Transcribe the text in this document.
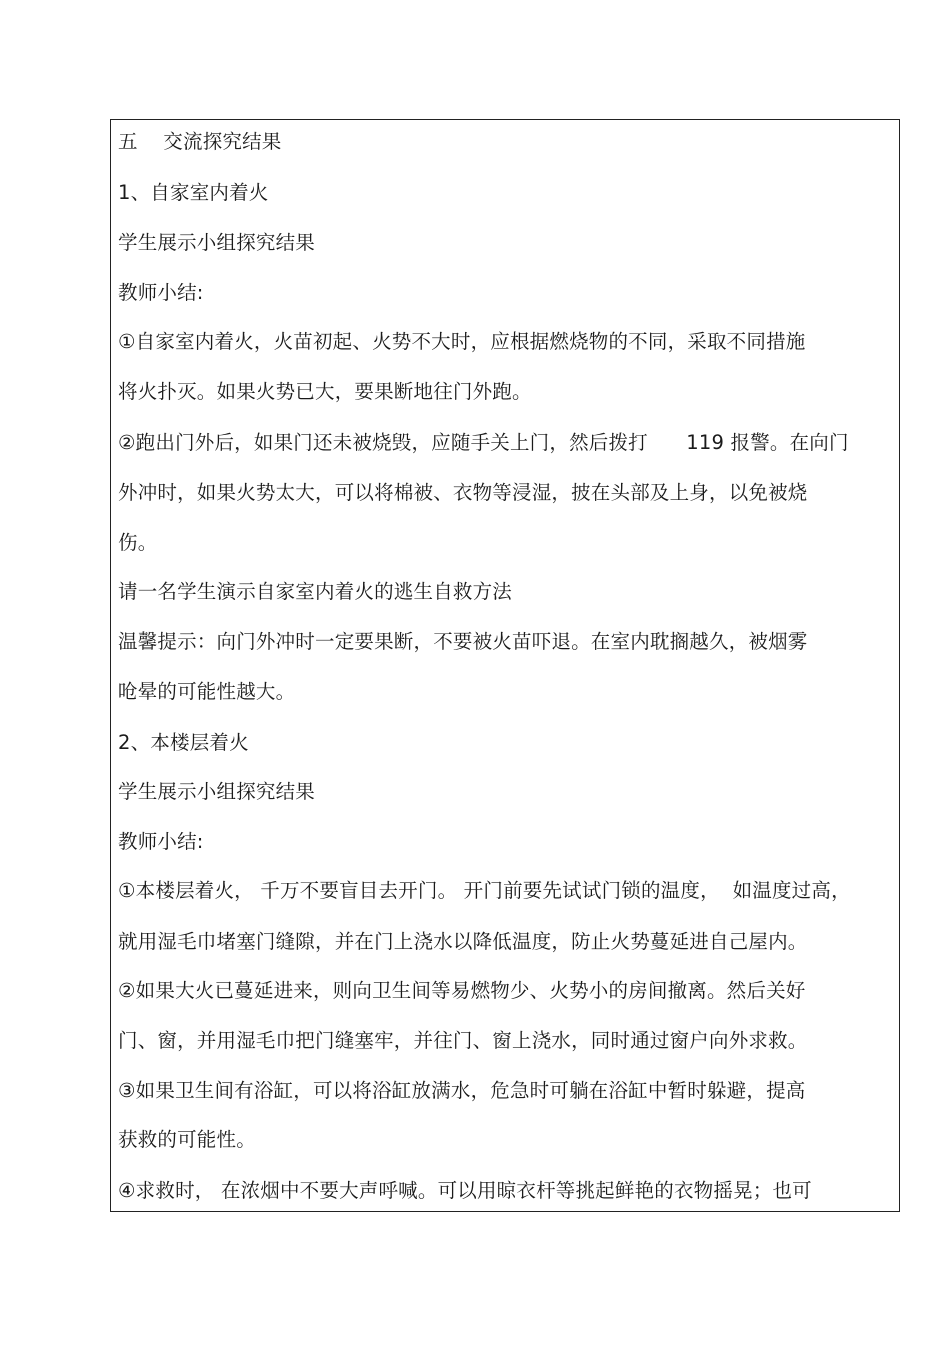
五    交流探究结果
1、自家室内着火
学生展示小组探究结果
教师小结:
①自家室内着火，火苗初起、火势不大时，应根据燃烧物的不同，采取不同措施
将火扑灭。如果火势已大，要果断地往门外跑。
②跑出门外后，如果门还未被烧毁，应随手关上门，然后拨打      119 报警。在向门
外冲时，如果火势太大，可以将棉被、衣物等浸湿，披在头部及上身，以免被烧
伤。
请一名学生演示自家室内着火的逃生自救方法
温馨提示：向门外冲时一定要果断，不要被火苗吓退。在室内耽搁越久，被烟雾
呛晕的可能性越大。
2、本楼层着火
学生展示小组探究结果
教师小结:
①本楼层着火， 千万不要盲目去开门。 开门前要先试试门锁的温度，  如温度过高，
就用湿毛巾堵塞门缝隙，并在门上浇水以降低温度，防止火势蔓延进自己屋内。
②如果大火已蔓延进来，则向卫生间等易燃物少、火势小的房间撤离。然后关好
门、窗，并用湿毛巾把门缝塞牢，并往门、窗上浇水，同时通过窗户向外求救。
③如果卫生间有浴缸，可以将浴缸放满水，危急时可躺在浴缸中暂时躲避，提高
获救的可能性。
④求救时， 在浓烟中不要大声呼喊。可以用晾衣杆等挑起鲜艳的衣物摇晃；也可
